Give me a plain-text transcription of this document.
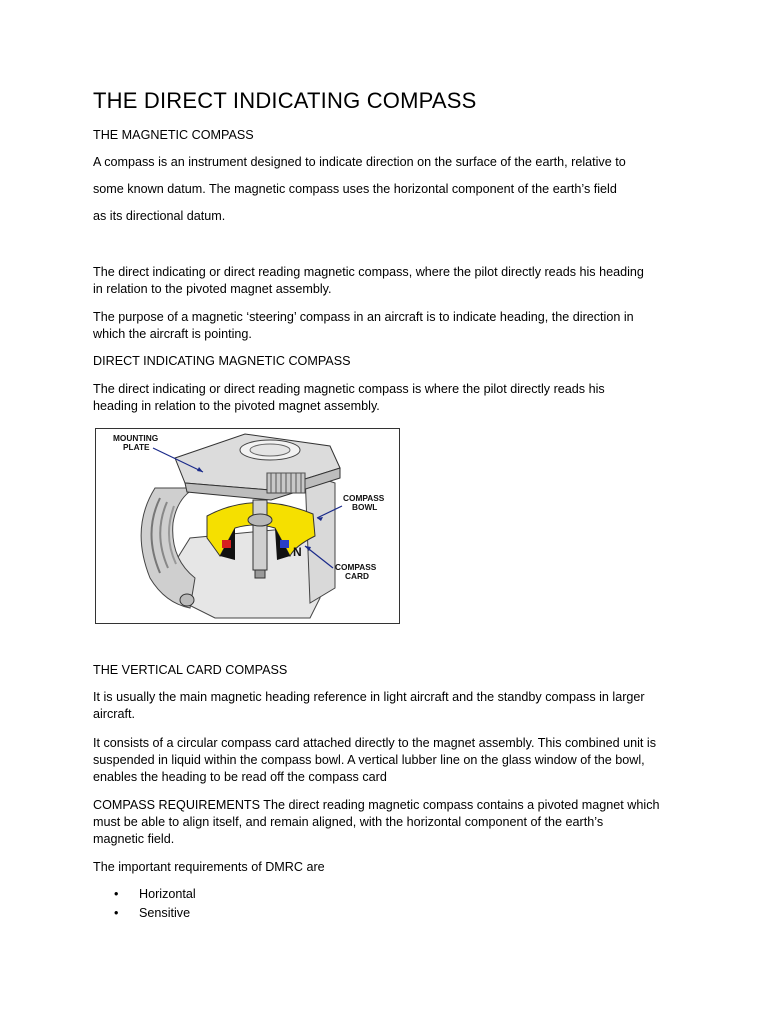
THE DIRECT INDICATING COMPASS
THE MAGNETIC COMPASS
A compass is an instrument designed to indicate direction on the surface of the earth, relative to
some known datum. The magnetic compass uses the horizontal component of the earth’s field
as its directional datum.
The direct indicating or direct reading magnetic compass, where the pilot directly reads his heading
in relation to the pivoted magnet assembly.
The purpose of a magnetic ‘steering’ compass in an aircraft is to indicate heading, the direction in
which the aircraft is pointing.
DIRECT INDICATING MAGNETIC COMPASS
The direct indicating or direct reading magnetic compass is where the pilot directly reads his
heading in relation to the pivoted magnet assembly.
N
MOUNTING
PLATE
COMPASS
BOWL
COMPASS
CARD
THE VERTICAL CARD COMPASS
It is usually the main magnetic heading reference in light aircraft and the standby compass in larger
aircraft.
It consists of a circular compass card attached directly to the magnet assembly. This combined unit is
suspended in liquid within the compass bowl. A vertical lubber line on the glass window of the bowl,
enables the heading to be read off the compass card
COMPASS REQUIREMENTS The direct reading magnetic compass contains a pivoted magnet which
must be able to align itself, and remain aligned, with the horizontal component of the earth’s
magnetic field.
The important requirements of DMRC are
• Horizontal
• Sensitive
